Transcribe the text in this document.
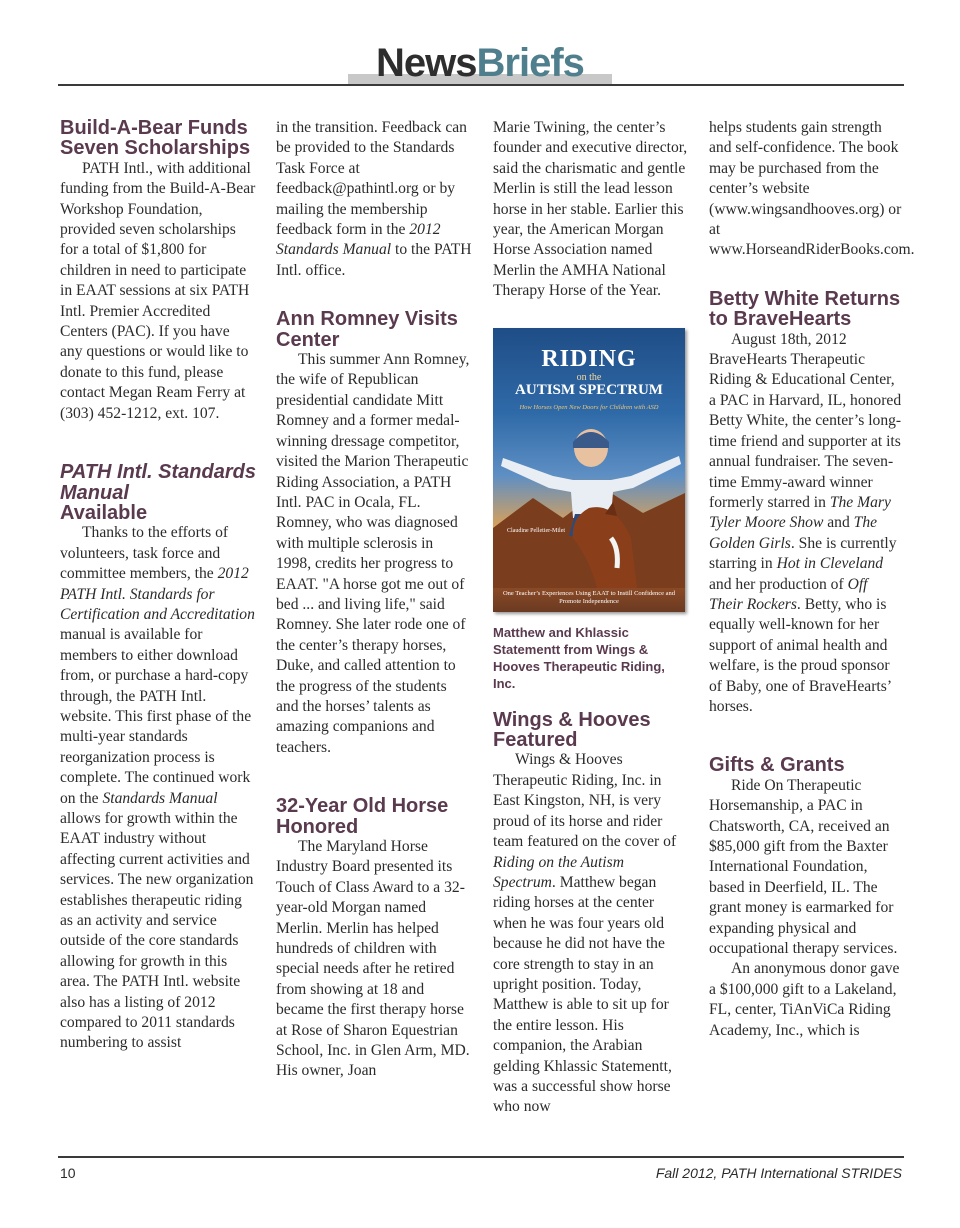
NewsBriefs
Build-A-Bear Funds Seven Scholarships

PATH Intl., with additional funding from the Build-A-Bear Workshop Foundation, provided seven scholarships for a total of $1,800 for children in need to participate in EAAT sessions at six PATH Intl. Premier Accredited Centers (PAC). If you have any questions or would like to donate to this fund, please contact Megan Ream Ferry at (303) 452-1212, ext. 107.

PATH Intl. Standards Manual
Available

Thanks to the efforts of volunteers, task force and committee members, the 2012 PATH Intl. Standards for Certification and Accreditation manual is available for members to either download from, or purchase a hard-copy through, the PATH Intl. website. This first phase of the multi-year standards reorganization process is complete. The continued work on the Standards Manual allows for growth within the EAAT industry without affecting current activities and services. The new organization establishes therapeutic riding as an activity and service outside of the core standards allowing for growth in this area. The PATH Intl. website also has a listing of 2012 compared to 2011 standards numbering to assist

in the transition. Feedback can be provided to the Standards Task Force at feedback@pathintl.org or by mailing the membership feedback form in the 2012 Standards Manual to the PATH Intl. office.

Ann Romney Visits Center

This summer Ann Romney, the wife of Republican presidential candidate Mitt Romney and a former medal-winning dressage competitor, visited the Marion Therapeutic Riding Association, a PATH Intl. PAC in Ocala, FL. Romney, who was diagnosed with multiple sclerosis in 1998, credits her progress to EAAT. "A horse got me out of bed ... and living life," said Romney. She later rode one of the center’s therapy horses, Duke, and called attention to the progress of the students and the horses’ talents as amazing companions and teachers.

32-Year Old Horse Honored

The Maryland Horse Industry Board presented its Touch of Class Award to a 32-year-old Morgan named Merlin. Merlin has helped hundreds of children with special needs after he retired from showing at 18 and became the first therapy horse at Rose of Sharon Equestrian School, Inc. in Glen Arm, MD. His owner, Joan

Marie Twining, the center’s founder and executive director, said the charismatic and gentle Merlin is still the lead lesson horse in her stable. Earlier this year, the American Morgan Horse Association named Merlin the AMHA National Therapy Horse of the Year.

RIDING
on the
AUTISM SPECTRUM
How Horses Open New Doors for Children with ASD
Claudine Pelletier-Milet
One Teacher’s Experiences Using EAAT to Instill Confidence and Promote Independence
Matthew and Khlassic Statementt from Wings & Hooves Therapeutic Riding, Inc.
Wings & Hooves Featured

Wings & Hooves Therapeutic Riding, Inc. in East Kingston, NH, is very proud of its horse and rider team featured on the cover of Riding on the Autism Spectrum. Matthew began riding horses at the center when he was four years old because he did not have the core strength to stay in an upright position. Today, Matthew is able to sit up for the entire lesson. His companion, the Arabian gelding Khlassic Statementt, was a successful show horse who now

helps students gain strength and self-confidence. The book may be purchased from the center’s website (www.wingsandhooves.org) or at www.HorseandRiderBooks.com.

Betty White Returns to BraveHearts

August 18th, 2012 BraveHearts Therapeutic Riding & Educational Center, a PAC in Harvard, IL, honored Betty White, the center’s long-time friend and supporter at its annual fundraiser. The seven-time Emmy-award winner formerly starred in The Mary Tyler Moore Show and The Golden Girls. She is currently starring in Hot in Cleveland and her production of Off Their Rockers. Betty, who is equally well-known for her support of animal health and welfare, is the proud sponsor of Baby, one of BraveHearts’ horses.

Gifts & Grants

Ride On Therapeutic Horsemanship, a PAC in Chatsworth, CA, received an $85,000 gift from the Baxter International Foundation, based in Deerfield, IL. The grant money is earmarked for expanding physical and occupational therapy services.

An anonymous donor gave a $100,000 gift to a Lakeland, FL, center, TiAnViCa Riding Academy, Inc., which is

10	Fall 2012, PATH International STRIDES
